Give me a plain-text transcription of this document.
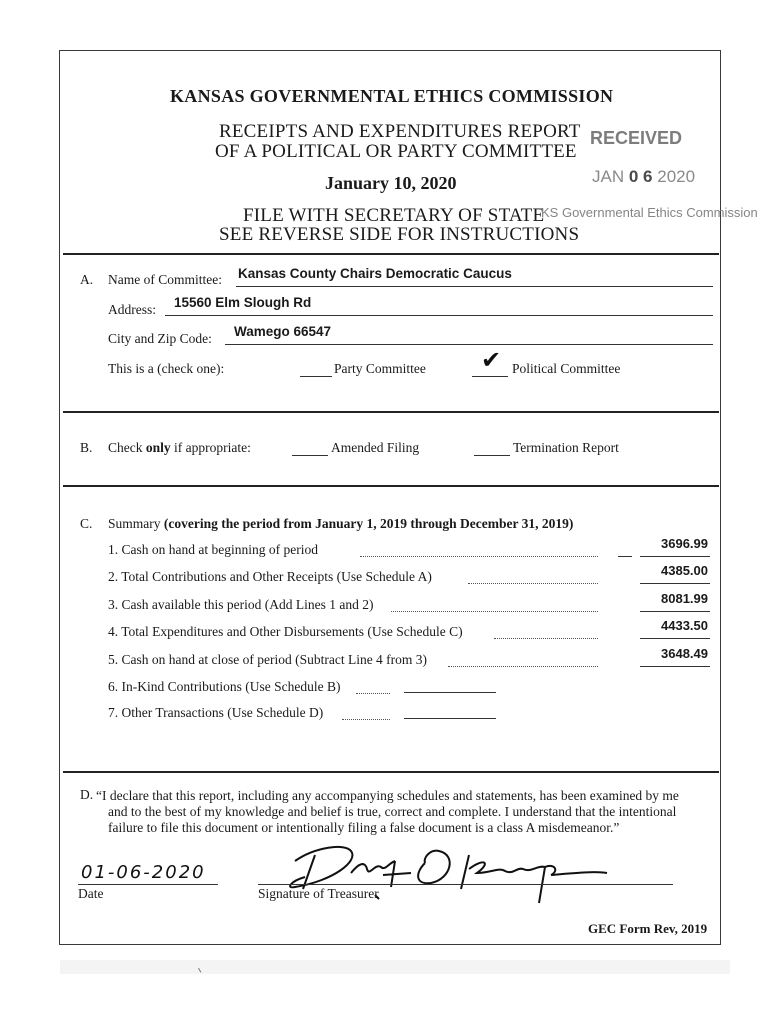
KANSAS GOVERNMENTAL ETHICS COMMISSION
RECEIPTS AND EXPENDITURES REPORT
OF A POLITICAL OR PARTY COMMITTEE
January 10, 2020
FILE WITH SECRETARY OF STATE
SEE REVERSE SIDE FOR INSTRUCTIONS
RECEIVED
JAN 0 6 2020
KS Governmental Ethics Commission
A. Name of Committee: Kansas County Chairs Democratic Caucus
Address: 15560 Elm Slough Rd
City and Zip Code: Wamego 66547
This is a (check one):	Party Committee ✔ Political Committee
B. Check only if appropriate:	Amended Filing	Termination Report
C. Summary (covering the period from January 1, 2019 through December 31, 2019)
1. Cash on hand at beginning of period	3696.99
2. Total Contributions and Other Receipts (Use Schedule A)	4385.00
3. Cash available this period (Add Lines 1 and 2)	8081.99
4. Total Expenditures and Other Disbursements (Use Schedule C)	4433.50
5. Cash on hand at close of period (Subtract Line 4 from 3)	3648.49
6. In-Kind Contributions (Use Schedule B)
7. Other Transactions (Use Schedule D)
D. “I declare that this report, including any accompanying schedules and statements, has been examined by me
and to the best of my knowledge and belief is true, correct and complete. I understand that the intentional
failure to file this document or intentionally filing a false document is a class A misdemeanor.”
01-06-2020
Date	Signature of Treasurer
GEC Form Rev, 2019
